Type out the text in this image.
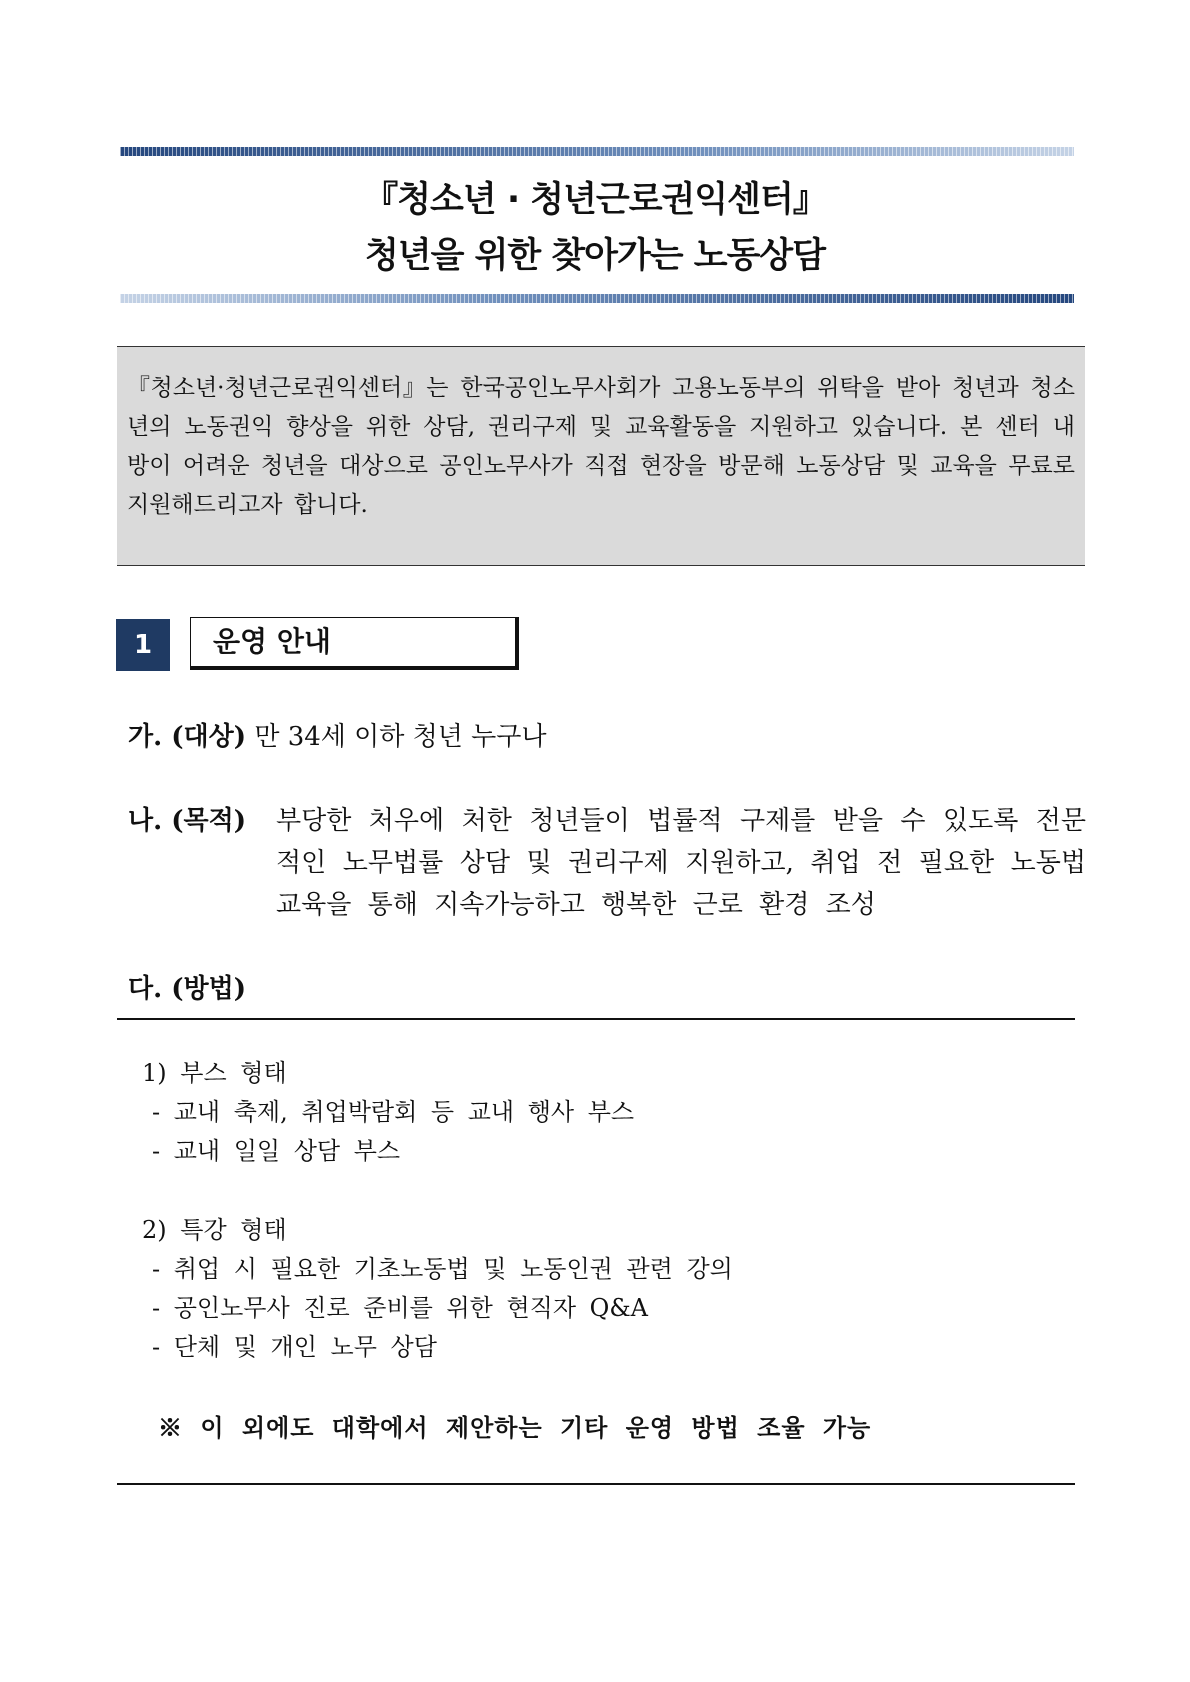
『청소년 · 청년근로권익센터』
청년을 위한 찾아가는 노동상담

『청소년·청년근로권익센터』는 한국공인노무사회가 고용노동부의 위탁을 받아 청년과 청소년의 노동권익 향상을 위한 상담, 권리구제 및 교육활동을 지원하고 있습니다. 본 센터 내방이 어려운 청년을 대상으로 공인노무사가 직접 현장을 방문해 노동상담 및 교육을 무료로 지원해드리고자 합니다.

1	운영 안내
가. (대상) 만 34세 이하 청년 누구나
나. (목적) 부당한 처우에 처한 청년들이 법률적 구제를 받을 수 있도록 전문적인 노무법률 상담 및 권리구제 지원하고, 취업 전 필요한 노동법교육을 통해 지속가능하고 행복한 근로 환경 조성
다. (방법)
1) 부스 형태
- 교내 축제, 취업박람회 등 교내 행사 부스
- 교내 일일 상담 부스
2) 특강 형태
- 취업 시 필요한 기초노동법 및 노동인권 관련 강의
- 공인노무사 진로 준비를 위한 현직자 Q&A
- 단체 및 개인 노무 상담
※ 이 외에도 대학에서 제안하는 기타 운영 방법 조율 가능
